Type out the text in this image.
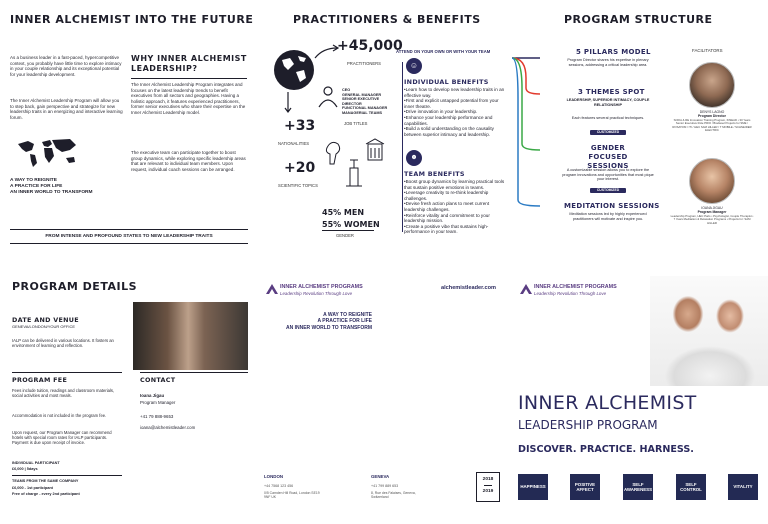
INNER ALCHEMIST INTO THE FUTURE
As a business leader in a fast-paced, hypercompetitive context, you probably have little time to explore intimacy in your couple relationship and its exceptional potential for your leadership development.
The Inner Alchemist Leadership Program will allow you to step back, gain perspective and strategize for new leadership traits in an energizing and interactive learning forum.
A WAY TO REIGNITE
A PRACTICE FOR LIFE
AN INNER WORLD TO TRANSFORM
WHY INNER ALCHEMIST LEADERSHIP?
The Inner Alchemist Leadership Program integrates and focuses on the latest leadership trends to benefit executives from all sectors and geographies. Having a holistic approach, it features experienced practitioners, former senior executives who share their expertise on the Inner Alchemist Leadership model.
The executive team can participate together to boost group dynamics, while exploring specific leadership areas that are relevant to individual team members. Upon request, individual coach sessions can be arranged.
FROM INTENSE AND PROFOUND STATES TO NEW LEADERSHIP TRAITS
PRACTITIONERS & BENEFITS
+45,000
PRACTITIONERS
+33
NATIONALITIES
CEO
GENERAL MANAGER
SENIOR EXECUTIVE
DIRECTOR
FUNCTIONAL MANAGER
MANAGERIAL TEAMS
JOB TITLES
+20
SCIENTIFIC TOPICS
45% MEN
55% WOMEN
GENDER
ATTEND ON YOUR OWN OR WITH YOUR TEAM
☺
INDIVIDUAL BENEFITS
•Learn how to develop new leadership traits in an effective way.
•First and explicit untapped potential from your inner theatre.
•Drive innovation in your leadership.
•Enhance your leadership performance and capabilities.
•Build a solid understanding on the causality between superior intimacy and leadership.
☻
TEAM BENEFITS
•Boost group dynamics by learning practical tools that sustain positive emotions in teams.
•Leverage creativity to re-think leadership challenges.
•Devise fresh action plans to meet current leadership challenges.
•Reinforce vitality and commitment to your leadership mission.
•Create a positive vibe that sustains high-performance in your team.
PROGRAM STRUCTURE
5 PILLARS MODEL
Program Director shares his expertise in plenary sessions, addressing a critical leadership area.
3 THEMES SPOT
LEADERSHIP, SUPERIOR INTIMACY, COUPLE RELATIONSHIP
Each features several practical techniques.
CUSTOMIZED
GENDER FOCUSED SESSIONS
A customizable session allows you to explore the program innovations and opportunities that most pique your interest.
CUSTOMIZED
MEDITATION SESSIONS
Meditation sessions led by highly experienced practitioners will motivate and inspire you.
FACILITATORS
DENYS LAGNO
Program Director
SOFIA & RE Innovation Training Program, INSEAD • 30 Years Senior Executive Role PRIO / Biodiesel Projects for SME / ROSATOM / ITI / HEC SAM HILLER / T MOBILE / SCHNEIDER ELECTRIC
IOANA JIGAU
Program Manager
Leadership Program, HEC Paris • Psychologist, Couple Therapist • 7 Years Meditation & Relaxation Programs • Projects for: SAM HILLER
PROGRAM DETAILS
DATE AND VENUE
GENEVA/LONDON/YOUR OFFICE
IALP can be delivered in various locations. It fosters an environment of learning and reflection.
PROGRAM FEE
Fees include tuition, readings and classroom materials, social activities and most meals.
Accommodation is not included in the program fee.
Upon request, our Program Manager can recommend hotels with special room rates for IALP participants. Payment is due upon receipt of invoice.
INDIVIDUAL PARTICIPANT
£6,000 | 5days
TEAMS FROM THE SAME COMPANY
£6,000 - 1st participant
Free of charge - every 2nd participant
CONTACT
Ioana Jigau
Program Manager
+41 79 888-9653
ioana@alchemistleader.com
INNER ALCHEMIST PROGRAMS
Leadership Revolution Through Love
alchemistleader.com
A WAY TO REIGNITE
A PRACTICE FOR LIFE
AN INNER WORLD TO TRANSFORM
LONDON
+44 7568 123 456
0/5 Camden Hill Road, London SE19 9NF UK
GENEVA
+41 799 889 653
8, Rue des Falaises, Geneva, Switzerland
2018
2019
INNER ALCHEMIST PROGRAMS
Leadership Revolution Through Love
INNER ALCHEMIST
LEADERSHIP PROGRAM
DISCOVER. PRACTICE. HARNESS.
HAPPINESS
POSITIVE AFFECT
SELF AWARENESS
SELF CONTROL
VITALITY
